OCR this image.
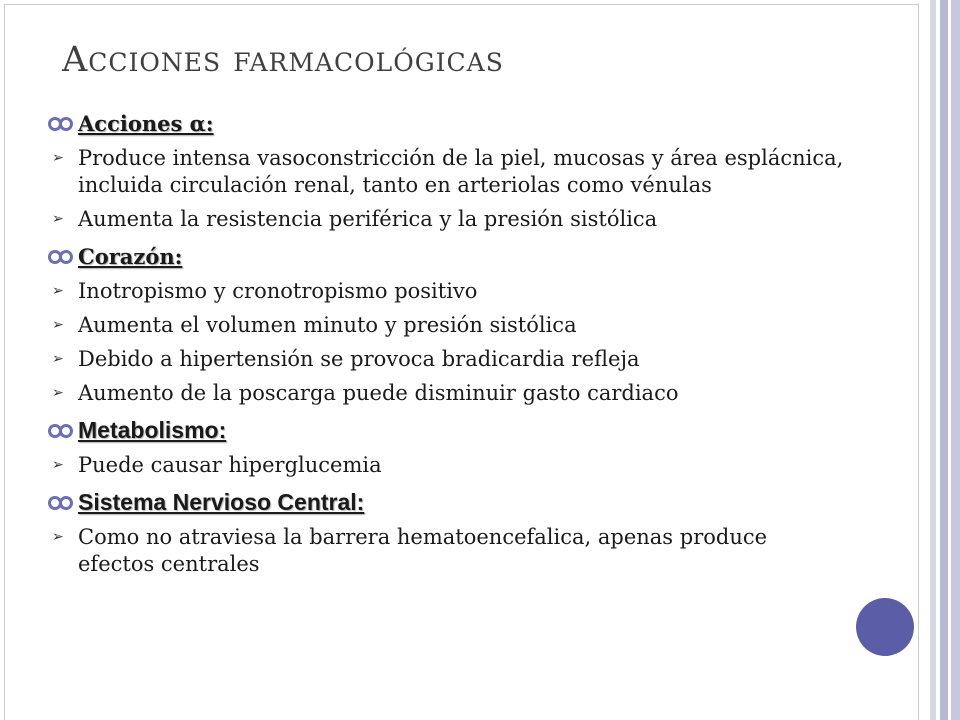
Acciones farmacológicas
Acciones α:
➢ Produce intensa vasoconstricción de la piel, mucosas y área esplácnica, incluida circulación renal, tanto en arteriolas como vénulas
➢ Aumenta la resistencia periférica y la presión sistólica
Corazón:
➢ Inotropismo y cronotropismo positivo
➢ Aumenta el volumen minuto y presión sistólica
➢ Debido a hipertensión se provoca bradicardia refleja
➢ Aumento de la poscarga puede disminuir gasto cardiaco
Metabolismo:
➢ Puede causar hiperglucemia
Sistema Nervioso Central:
➢ Como no atraviesa la barrera hematoencefalica, apenas produce efectos centrales
